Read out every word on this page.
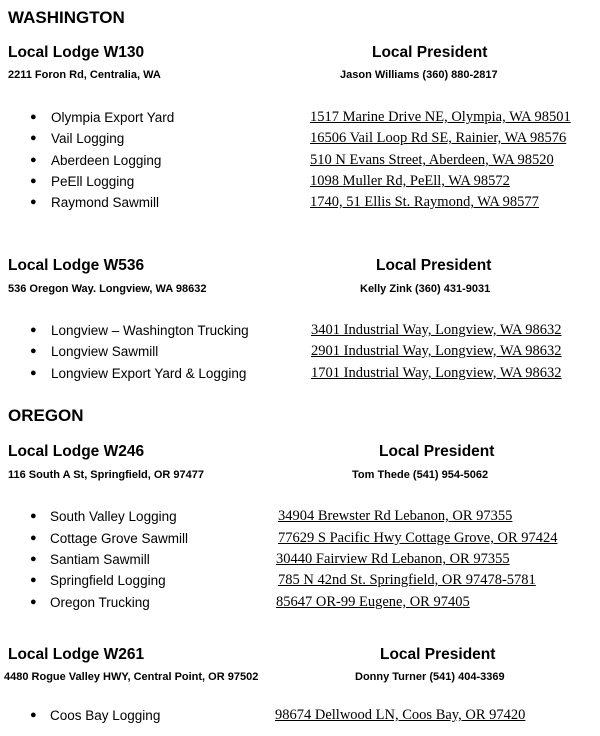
WASHINGTON
Local Lodge W130	Local President
2211 Foron Rd, Centralia, WA	Jason Williams (360) 880-2817
● Olympia Export Yard	1517 Marine Drive NE, Olympia, WA 98501
● Vail Logging	16506 Vail Loop Rd SE, Rainier, WA 98576
● Aberdeen Logging	510 N Evans Street, Aberdeen, WA 98520
● PeEll Logging	1098 Muller Rd, PeEll, WA 98572
● Raymond Sawmill	1740, 51 Ellis St. Raymond, WA 98577
Local Lodge W536	Local President
536 Oregon Way. Longview, WA 98632	Kelly Zink (360) 431-9031
● Longview – Washington Trucking	3401 Industrial Way, Longview, WA 98632
● Longview Sawmill	2901 Industrial Way, Longview, WA 98632
● Longview Export Yard & Logging	1701 Industrial Way, Longview, WA 98632
OREGON
Local Lodge W246	Local President
116 South A St, Springfield, OR 97477	Tom Thede (541) 954-5062
● South Valley Logging	34904 Brewster Rd Lebanon, OR 97355
● Cottage Grove Sawmill	77629 S Pacific Hwy Cottage Grove, OR 97424
● Santiam Sawmill	30440 Fairview Rd Lebanon, OR 97355
● Springfield Logging	785 N 42nd St. Springfield, OR 97478-5781
● Oregon Trucking	85647 OR-99 Eugene, OR 97405
Local Lodge W261	Local President
4480 Rogue Valley HWY, Central Point, OR 97502	Donny Turner (541) 404-3369
● Coos Bay Logging	98674 Dellwood LN, Coos Bay, OR 97420
